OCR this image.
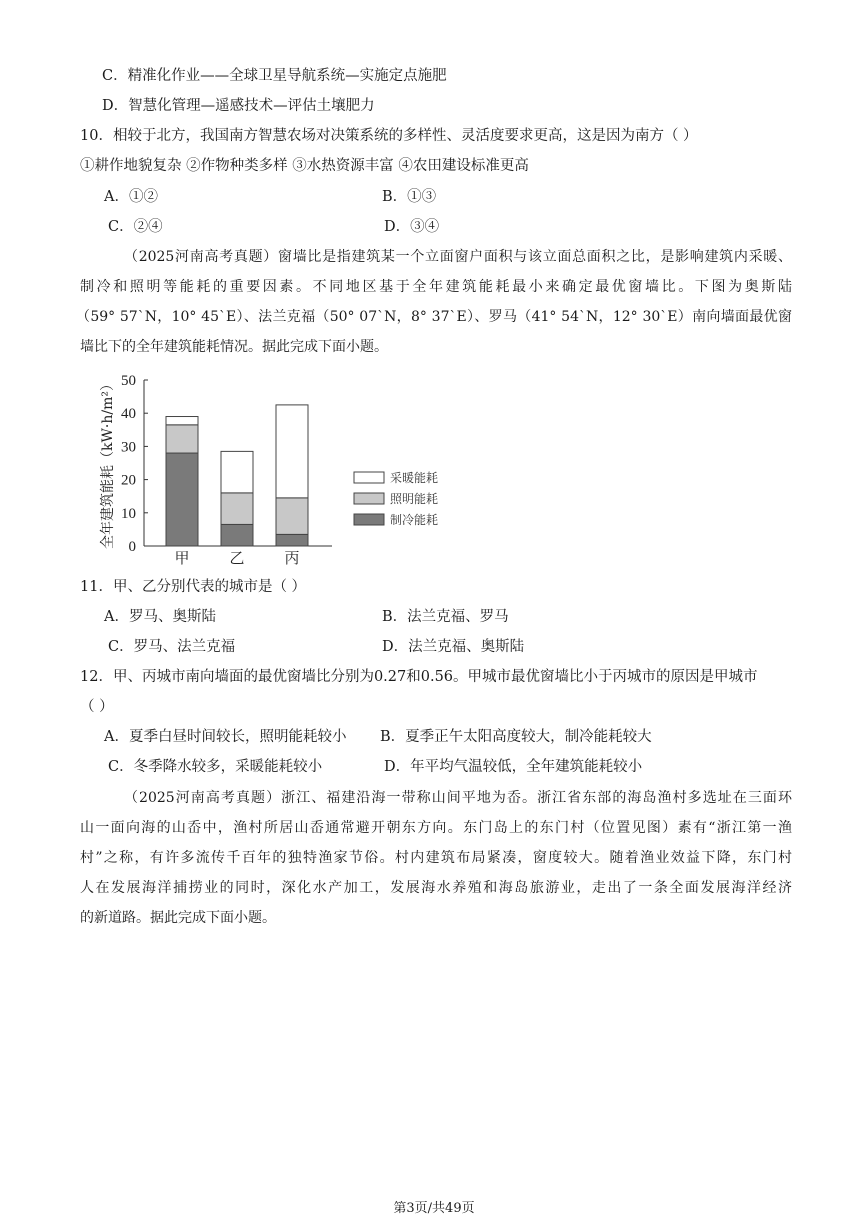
C．精准化作业——全球卫星导航系统—实施定点施肥
D．智慧化管理—遥感技术—评估土壤肥力
10．相较于北方，我国南方智慧农场对决策系统的多样性、灵活度要求更高，这是因为南方（ ）
①耕作地貌复杂 ②作物种类多样 ③水热资源丰富 ④农田建设标准更高
A．①②	B．①③
C．②④	D．③④
（2025河南高考真题）窗墙比是指建筑某一个立面窗户面积与该立面总面积之比，是影响建筑内采暖、
制冷和照明等能耗的重要因素。不同地区基于全年建筑能耗最小来确定最优窗墙比。下图为奥斯陆
（59° 57`N，10° 45`E）、法兰克福（50° 07`N，8° 37`E）、罗马（41° 54`N，12° 30`E）南向墙面最优窗
墙比下的全年建筑能耗情况。据此完成下面小题。
全年建筑能耗（kW·h/m²） 0
10
20
30
40
50
甲	乙	丙
采暖能耗
照明能耗
制冷能耗
11．甲、乙分别代表的城市是（ ）
A．罗马、奥斯陆	B．法兰克福、罗马
C．罗马、法兰克福	D．法兰克福、奥斯陆
12．甲、丙城市南向墙面的最优窗墙比分别为0.27和0.56。甲城市最优窗墙比小于丙城市的原因是甲城市
（ ）
A．夏季白昼时间较长，照明能耗较小 B．夏季正午太阳高度较大，制冷能耗较大
C．冬季降水较多，采暖能耗较小	D．年平均气温较低，全年建筑能耗较小
（2025河南高考真题）浙江、福建沿海一带称山间平地为岙。浙江省东部的海岛渔村多选址在三面环
山一面向海的山岙中，渔村所居山岙通常避开朝东方向。东门岛上的东门村（位置见图）素有“浙江第一渔
村”之称，有许多流传千百年的独特渔家节俗。村内建筑布局紧凑，窗度较大。随着渔业效益下降，东门村
人在发展海洋捕捞业的同时，深化水产加工，发展海水养殖和海岛旅游业，走出了一条全面发展海洋经济
的新道路。据此完成下面小题。
第3页/共49页
